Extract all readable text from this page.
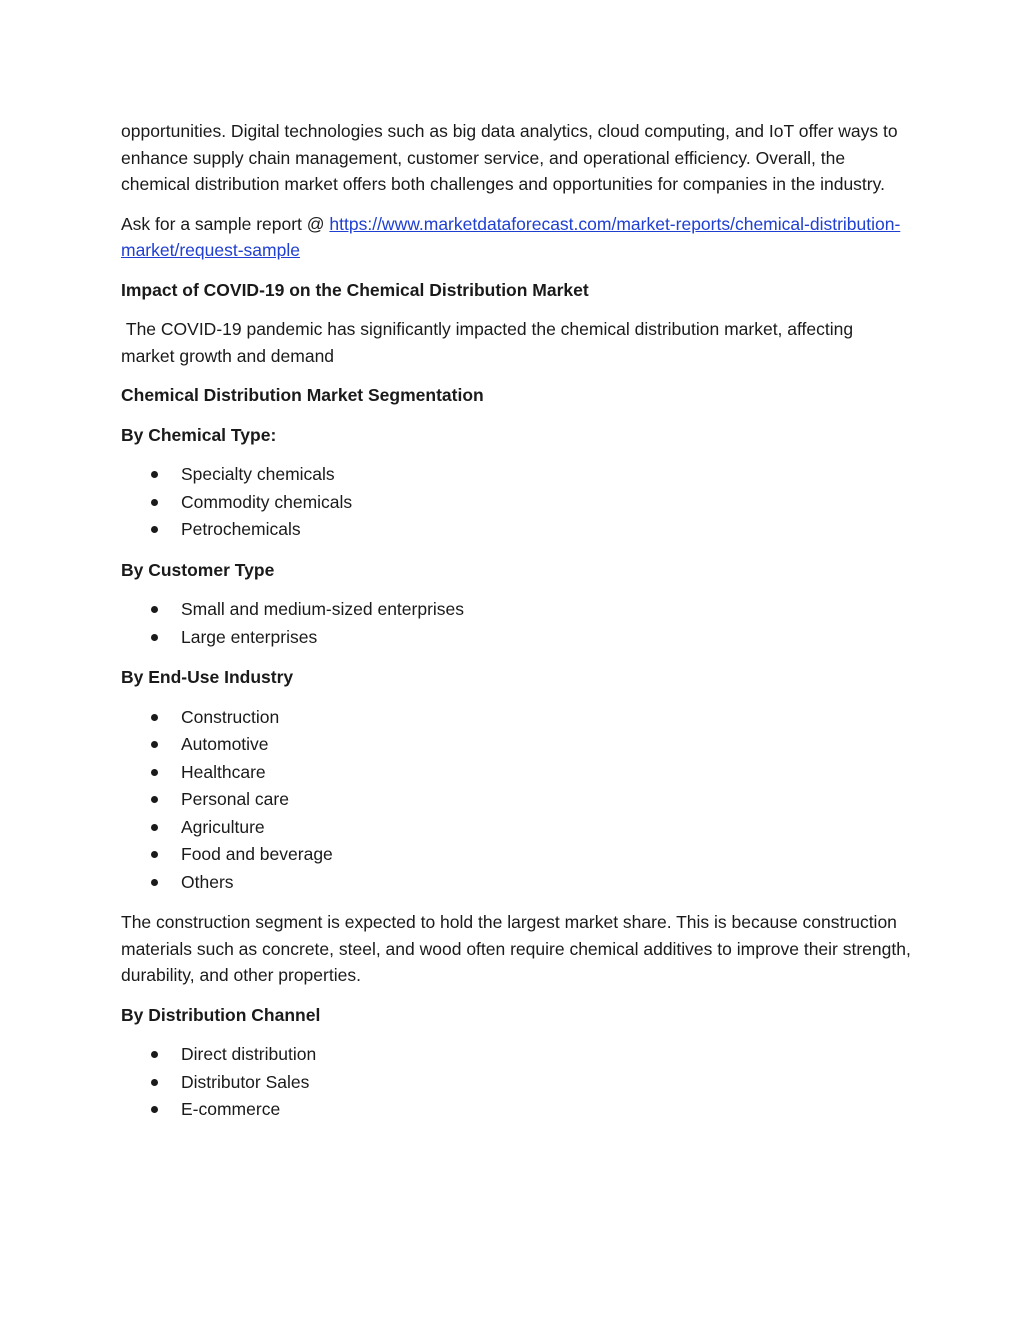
opportunities. Digital technologies such as big data analytics, cloud computing, and IoT offer ways to enhance supply chain management, customer service, and operational efficiency. Overall, the chemical distribution market offers both challenges and opportunities for companies in the industry.

Ask for a sample report @ https://www.marketdataforecast.com/market-reports/chemical-distribution-market/request-sample

Impact of COVID-19 on the Chemical Distribution Market

The COVID-19 pandemic has significantly impacted the chemical distribution market, affecting market growth and demand

Chemical Distribution Market Segmentation
By Chemical Type:
Specialty chemicals
Commodity chemicals
Petrochemicals
By Customer Type
Small and medium-sized enterprises
Large enterprises
By End-Use Industry
Construction
Automotive
Healthcare
Personal care
Agriculture
Food and beverage
Others

The construction segment is expected to hold the largest market share. This is because construction materials such as concrete, steel, and wood often require chemical additives to improve their strength, durability, and other properties.

By Distribution Channel
Direct distribution
Distributor Sales
E-commerce
